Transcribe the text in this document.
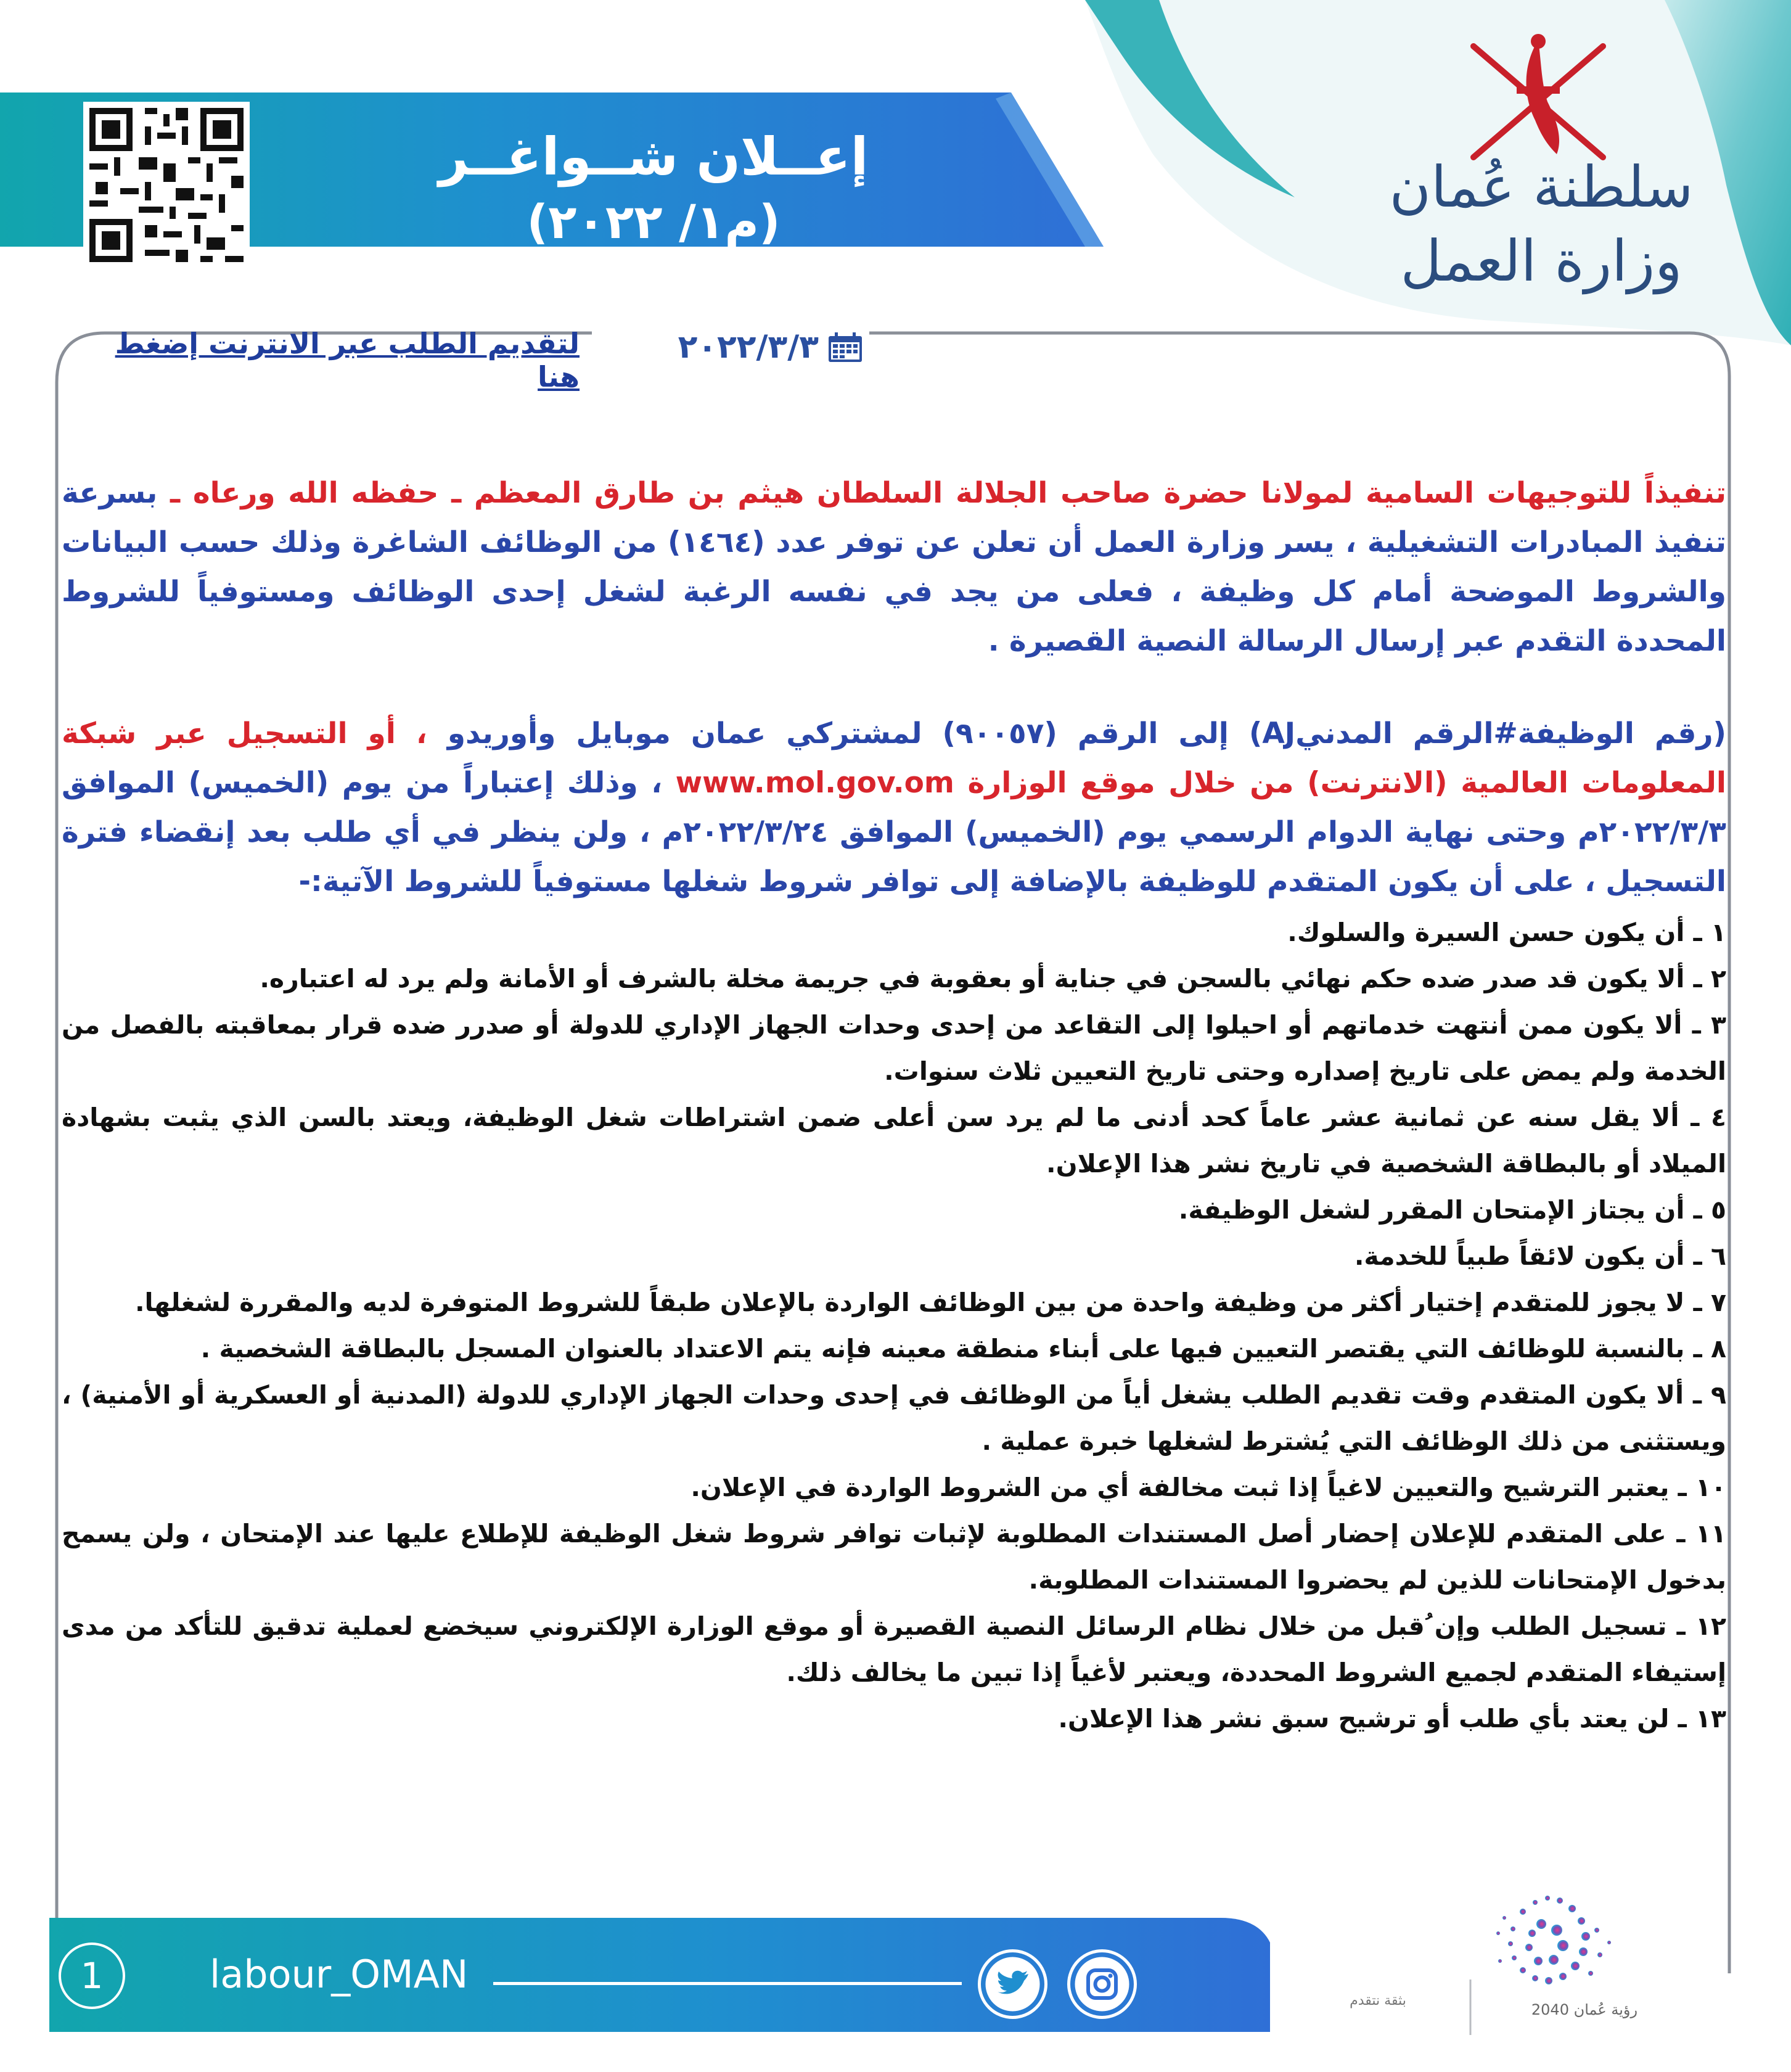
إعــلان شــواغــر
(م١/ ٢٠٢٢)
سلطنة عُمان
وزارة العمل
٢٠٢٢/٣/٣
لتقديم الطلب عبر الانترنت إضغط هنا
تنفيذاً للتوجيهات السامية لمولانا حضرة صاحب الجلالة السلطان هيثم بن طارق المعظم ـ حفظه الله ورعاه ـ بسرعة تنفيذ المبادرات التشغيلية ، يسر وزارة العمل أن تعلن عن توفر عدد (١٤٦٤) من الوظائف الشاغرة وذلك حسب البيانات والشروط الموضحة أمام كل وظيفة ، فعلى من يجد في نفسه الرغبة لشغل إحدى الوظائف ومستوفياً للشروط المحددة التقدم عبر إرسال الرسالة النصية القصيرة .
(رقم الوظيفة#الرقم المدنيAJ) إلى الرقم (٩٠٠٥٧) لمشتركي عمان موبايل وأوريدو ، أو التسجيل عبر شبكة المعلومات العالمية (الانترنت) من خلال موقع الوزارة www.mol.gov.om ، وذلك إعتباراً من يوم (الخميس) الموافق ٢٠٢٢/٣/٣م وحتى نهاية الدوام الرسمي يوم (الخميس) الموافق ٢٠٢٢/٣/٢٤م ، ولن ينظر في أي طلب بعد إنقضاء فترة التسجيل ، على أن يكون المتقدم للوظيفة بالإضافة إلى توافر شروط شغلها مستوفياً للشروط الآتية:-
١ ـ أن يكون حسن السيرة والسلوك.
٢ ـ ألا يكون قد صدر ضده حكم نهائي بالسجن في جناية أو بعقوبة في جريمة مخلة بالشرف أو الأمانة ولم يرد له اعتباره.
٣ ـ ألا يكون ممن أنتهت خدماتهم أو احيلوا إلى التقاعد من إحدى وحدات الجهاز الإداري للدولة أو صدرر ضده قرار بمعاقبته بالفصل من الخدمة ولم يمض على تاريخ إصداره وحتى تاريخ التعيين ثلاث سنوات.
٤ ـ ألا يقل سنه عن ثمانية عشر عاماً كحد أدنى ما لم يرد سن أعلى ضمن اشتراطات شغل الوظيفة، ويعتد بالسن الذي يثبت بشهادة الميلاد أو بالبطاقة الشخصية في تاريخ نشر هذا الإعلان.
٥ ـ أن يجتاز الإمتحان المقرر لشغل الوظيفة.
٦ ـ أن يكون لائقاً طبياً للخدمة.
٧ ـ لا يجوز للمتقدم إختيار أكثر من وظيفة واحدة من بين الوظائف الواردة بالإعلان طبقاً للشروط المتوفرة لديه والمقررة لشغلها.
٨ ـ بالنسبة للوظائف التي يقتصر التعيين فيها على أبناء منطقة معينه فإنه يتم الاعتداد بالعنوان المسجل بالبطاقة الشخصية .
٩ ـ ألا يكون المتقدم وقت تقديم الطلب يشغل أياً من الوظائف في إحدى وحدات الجهاز الإداري للدولة (المدنية أو العسكرية أو الأمنية) ، ويستثنى من ذلك الوظائف التي يُشترط لشغلها خبرة عملية .
١٠ ـ يعتبر الترشيح والتعيين لاغياً إذا ثبت مخالفة أي من الشروط الواردة في الإعلان.
١١ ـ على المتقدم للإعلان إحضار أصل المستندات المطلوبة لإثبات توافر شروط شغل الوظيفة للإطلاع عليها عند الإمتحان ، ولن يسمح بدخول الإمتحانات للذين لم يحضروا المستندات المطلوبة.
١٢ ـ تسجيل الطلب وإن ُقبل من خلال نظام الرسائل النصية القصيرة أو موقع الوزارة الإلكتروني سيخضع لعملية تدقيق للتأكد من مدى إستيفاء المتقدم لجميع الشروط المحددة، ويعتبر لأغياً إذا تبين ما يخالف ذلك.
١٣ ـ لن يعتد بأي طلب أو ترشيح سبق نشر هذا الإعلان.
1	labour_OMAN
رؤية عُمان 2040
بثقة نتقدم
